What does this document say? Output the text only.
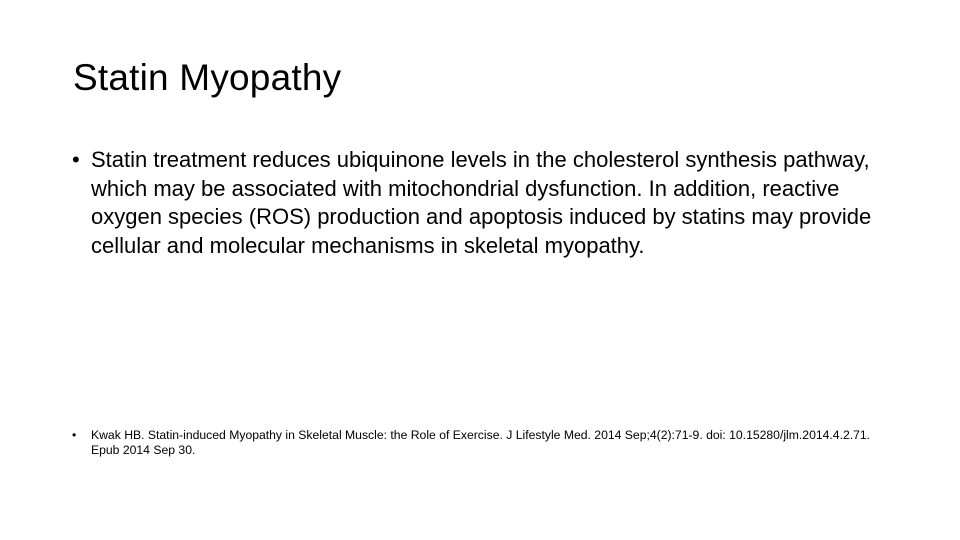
Statin Myopathy
• Statin treatment reduces ubiquinone levels in the cholesterol synthesis pathway, which may be associated with mitochondrial dysfunction. In addition, reactive oxygen species (ROS) production and apoptosis induced by statins may provide cellular and molecular mechanisms in skeletal myopathy.
•	Kwak HB. Statin-induced Myopathy in Skeletal Muscle: the Role of Exercise. J Lifestyle Med. 2014 Sep;4(2):71-9. doi: 10.15280/jlm.2014.4.2.71. Epub 2014 Sep 30.
